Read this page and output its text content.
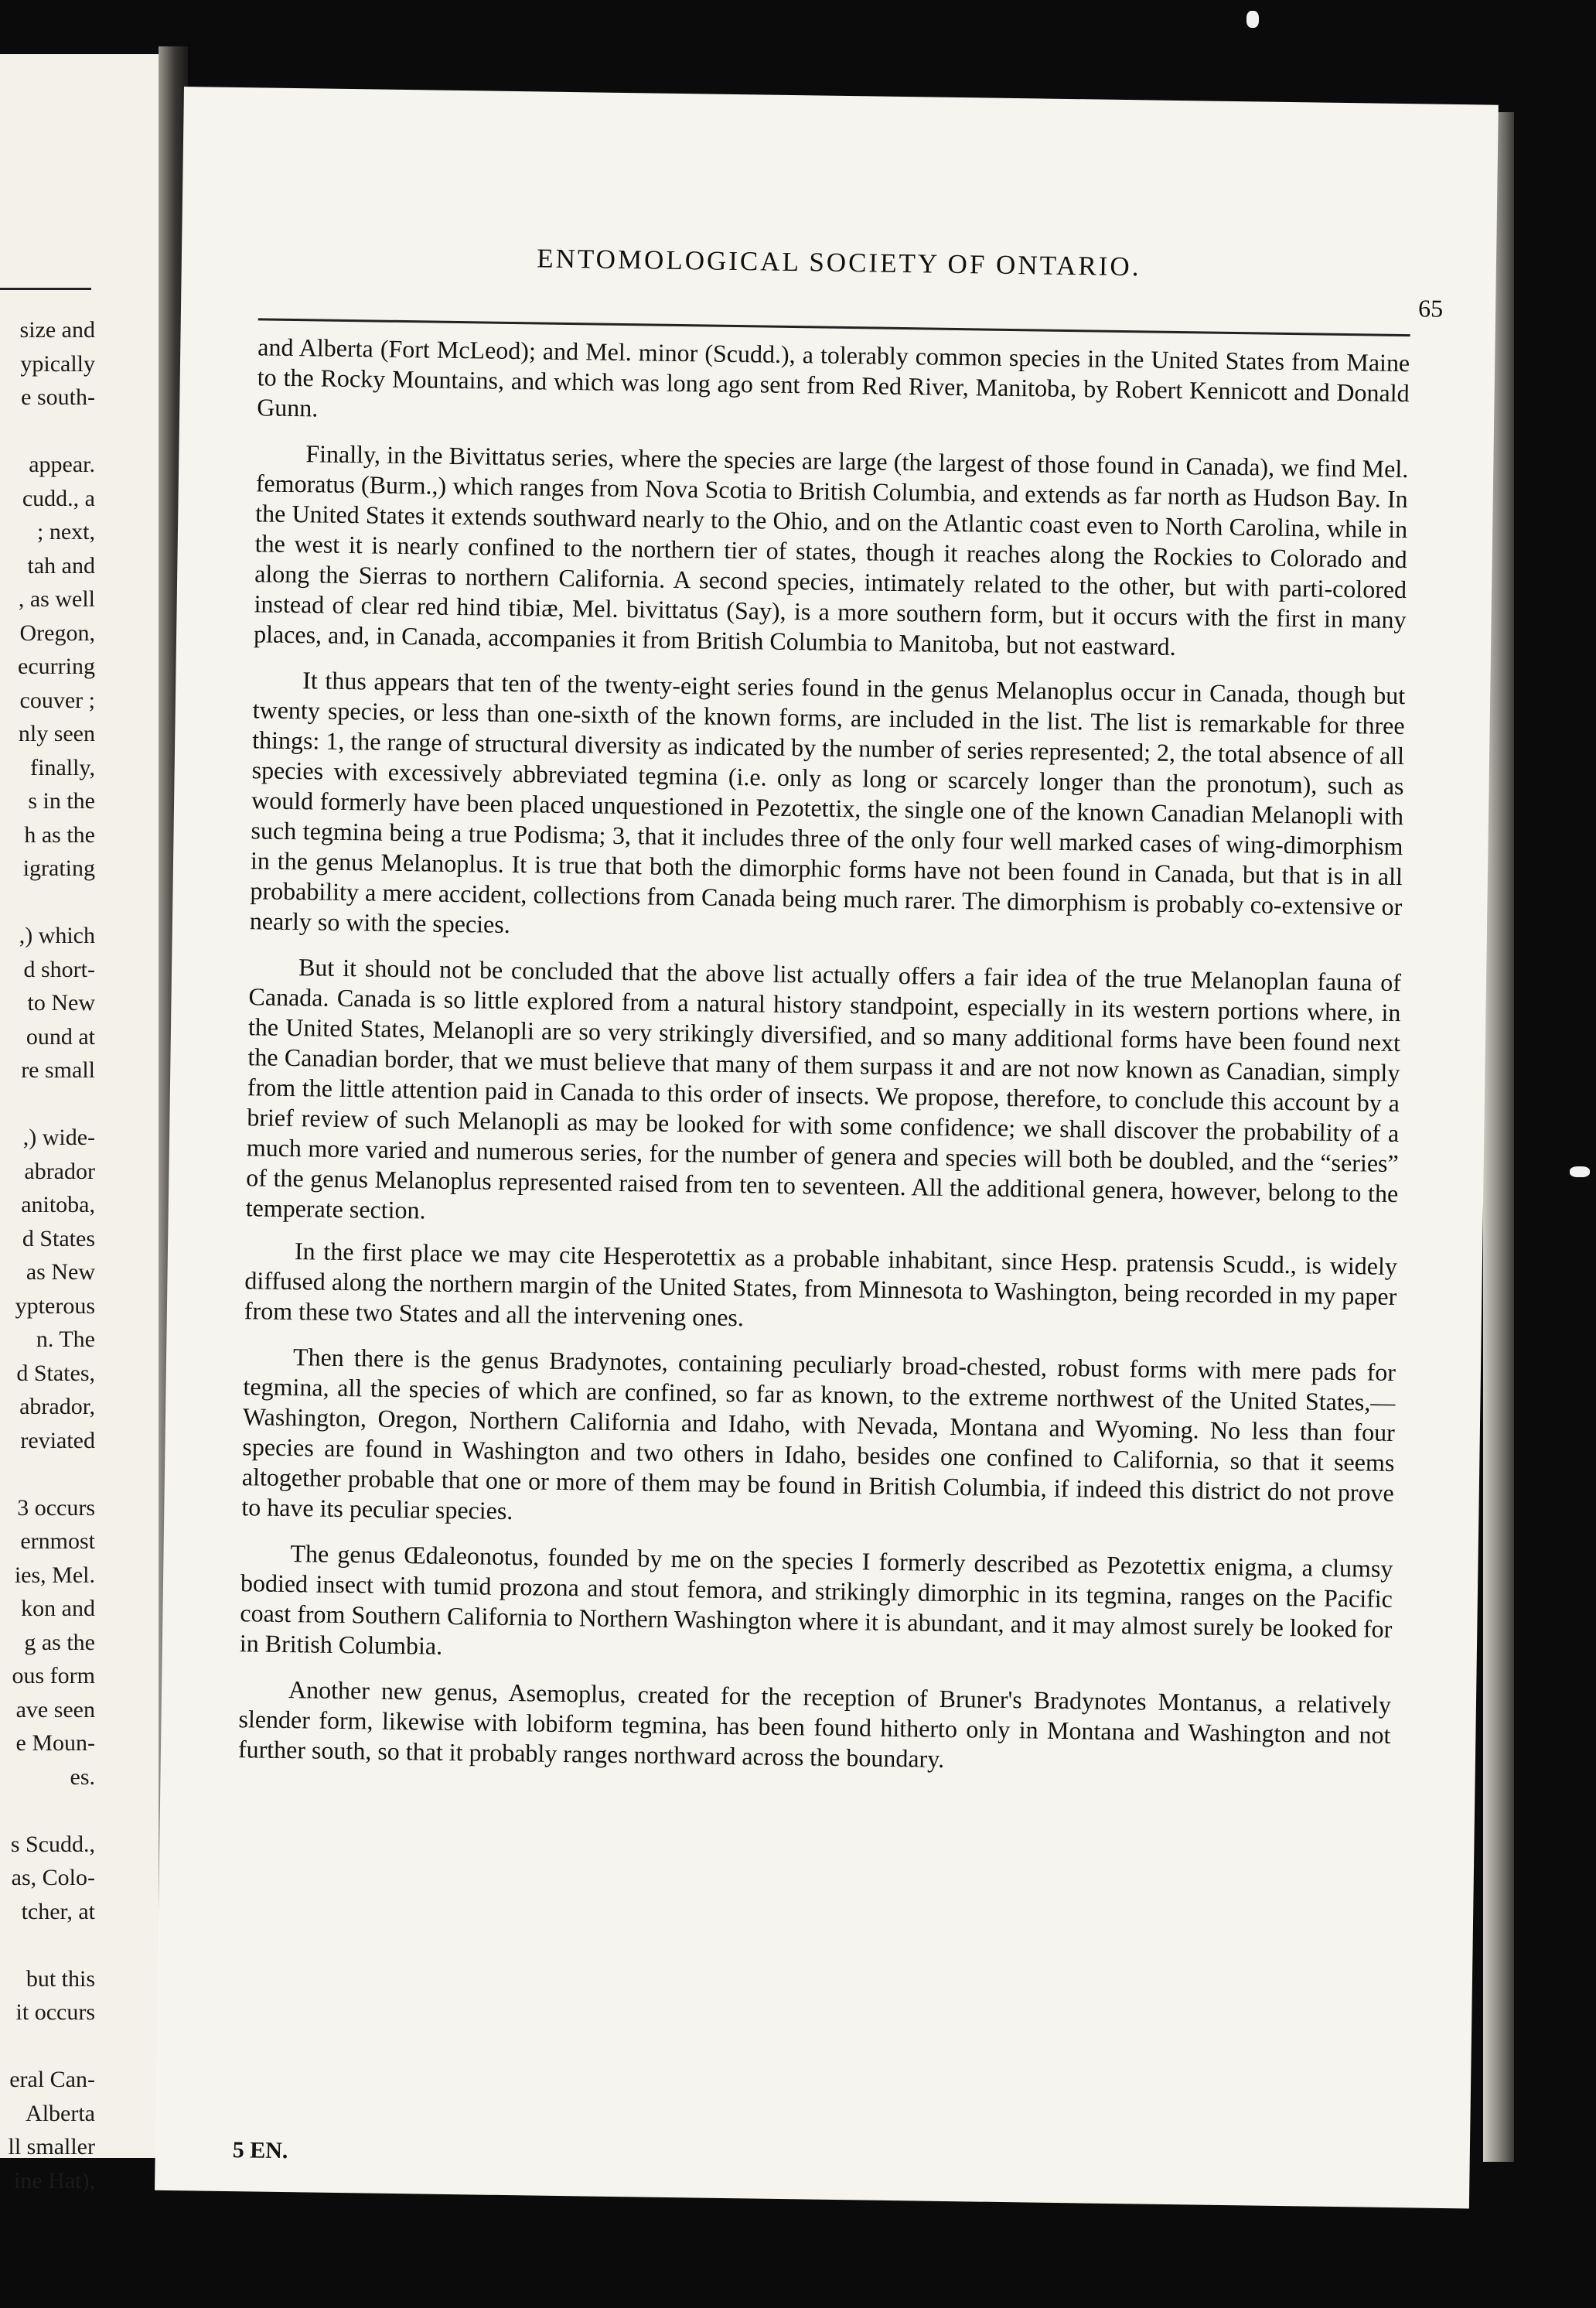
size and
ypically
e south-
appear.
cudd., a
; next,
tah and
, as well
Oregon,
ecurring
couver ;
nly seen
finally,
s in the
h as the
igrating
,) which
d short-
to New
ound at
re small
,) wide-
abrador
anitoba,
d States
as New
ypterous
n. The
d States,
abrador,
reviated
3 occurs
ernmost
ies, Mel.
kon and
g as the
ous form
ave seen
e Moun-
es.
s Scudd.,
as, Colo-
tcher, at
but this
it occurs
eral Can-
Alberta
ll smaller
ine Hat),
ENTOMOLOGICAL SOCIETY OF ONTARIO.
65

and Alberta (Fort McLeod); and Mel. minor (Scudd.), a tolerably common species in the United States from Maine to the Rocky Mountains, and which was long ago sent from Red River, Manitoba, by Robert Kennicott and Donald Gunn.

Finally, in the Bivittatus series, where the species are large (the largest of those found in Canada), we find Mel. femoratus (Burm.,) which ranges from Nova Scotia to British Columbia, and extends as far north as Hudson Bay. In the United States it extends southward nearly to the Ohio, and on the Atlantic coast even to North Carolina, while in the west it is nearly confined to the northern tier of states, though it reaches along the Rockies to Colorado and along the Sierras to northern California. A second species, intimately related to the other, but with parti-colored instead of clear red hind tibiæ, Mel. bivittatus (Say), is a more southern form, but it occurs with the first in many places, and, in Canada, accompanies it from British Columbia to Manitoba, but not eastward.

It thus appears that ten of the twenty-eight series found in the genus Melanoplus occur in Canada, though but twenty species, or less than one-sixth of the known forms, are included in the list. The list is remarkable for three things: 1, the range of structural diversity as indicated by the number of series represented; 2, the total absence of all species with excessively abbreviated tegmina (i.e. only as long or scarcely longer than the pronotum), such as would formerly have been placed unquestioned in Pezotettix, the single one of the known Canadian Melanopli with such tegmina being a true Podisma; 3, that it includes three of the only four well marked cases of wing-dimorphism in the genus Melanoplus. It is true that both the dimorphic forms have not been found in Canada, but that is in all probability a mere accident, collections from Canada being much rarer. The dimorphism is probably co-extensive or nearly so with the species.

But it should not be concluded that the above list actually offers a fair idea of the true Melanoplan fauna of Canada. Canada is so little explored from a natural history standpoint, especially in its western portions where, in the United States, Melanopli are so very strikingly diversified, and so many additional forms have been found next the Canadian border, that we must believe that many of them surpass it and are not now known as Canadian, simply from the little attention paid in Canada to this order of insects. We propose, therefore, to conclude this account by a brief review of such Melanopli as may be looked for with some confidence; we shall discover the probability of a much more varied and numerous series, for the number of genera and species will both be doubled, and the “series” of the genus Melanoplus represented raised from ten to seventeen. All the additional genera, however, belong to the temperate section.

In the first place we may cite Hesperotettix as a probable inhabitant, since Hesp. pratensis Scudd., is widely diffused along the northern margin of the United States, from Minnesota to Washington, being recorded in my paper from these two States and all the intervening ones.

Then there is the genus Bradynotes, containing peculiarly broad-chested, robust forms with mere pads for tegmina, all the species of which are confined, so far as known, to the extreme northwest of the United States,—Washington, Oregon, Northern California and Idaho, with Nevada, Montana and Wyoming. No less than four species are found in Washington and two others in Idaho, besides one confined to California, so that it seems altogether probable that one or more of them may be found in British Columbia, if indeed this district do not prove to have its peculiar species.

The genus Œdaleonotus, founded by me on the species I formerly described as Pezotettix enigma, a clumsy bodied insect with tumid prozona and stout femora, and strikingly dimorphic in its tegmina, ranges on the Pacific coast from Southern California to Northern Washington where it is abundant, and it may almost surely be looked for in British Columbia.

Another new genus, Asemoplus, created for the reception of Bruner's Bradynotes Montanus, a relatively slender form, likewise with lobiform tegmina, has been found hitherto only in Montana and Washington and not further south, so that it probably ranges northward across the boundary.

5 EN.
